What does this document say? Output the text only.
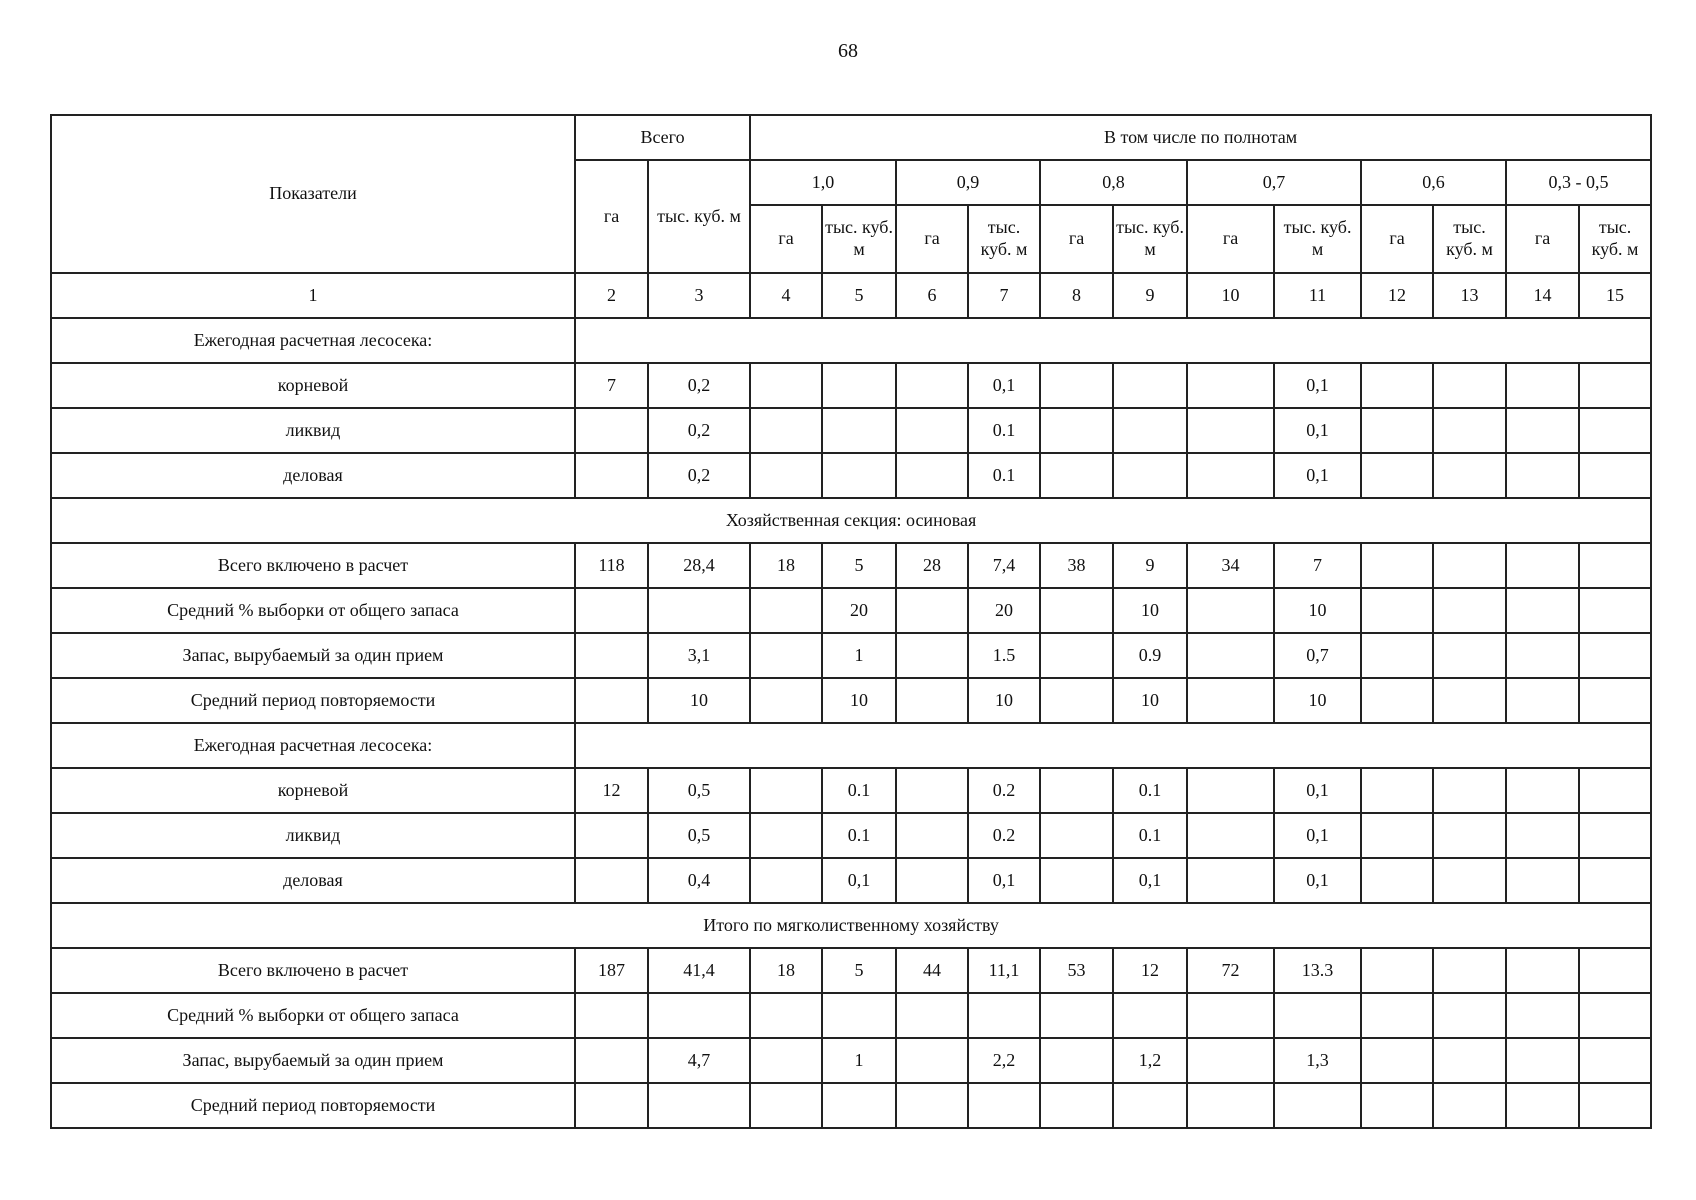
68
Показатели	Всего		В том числе по полнотам											
	га	тыс. куб. м	1,0		0,9		0,8		0,7		0,6		0,3 - 0,5	
			га	тыс. куб. м	га	тыс. куб. м	га	тыс. куб. м	га	тыс. куб. м	га	тыс. куб. м	га	тыс. куб. м
1	2	3	4	5	6	7	8	9	10	11	12	13	14	15
Ежегодная расчетная лесосека:														
корневой	7	0,2				0,1				0,1				
ликвид		0,2				0.1				0,1				
деловая		0,2				0.1				0,1				
Хозяйственная секция: осиновая														
Всего включено в расчет	118	28,4	18	5	28	7,4	38	9	34	7				
Средний % выборки от общего запаса				20		20		10		10				
Запас, вырубаемый за один прием		3,1		1		1.5		0.9		0,7				
Средний период повторяемости		10		10		10		10		10				
Ежегодная расчетная лесосека:														
корневой	12	0,5		0.1		0.2		0.1		0,1				
ликвид		0,5		0.1		0.2		0.1		0,1				
деловая		0,4		0,1		0,1		0,1		0,1				
Итого по мягколиственному хозяйству														
Всего включено в расчет	187	41,4	18	5	44	11,1	53	12	72	13.3				
Средний % выборки от общего запаса														
Запас, вырубаемый за один прием		4,7		1		2,2		1,2		1,3				
Средний период повторяемости														
